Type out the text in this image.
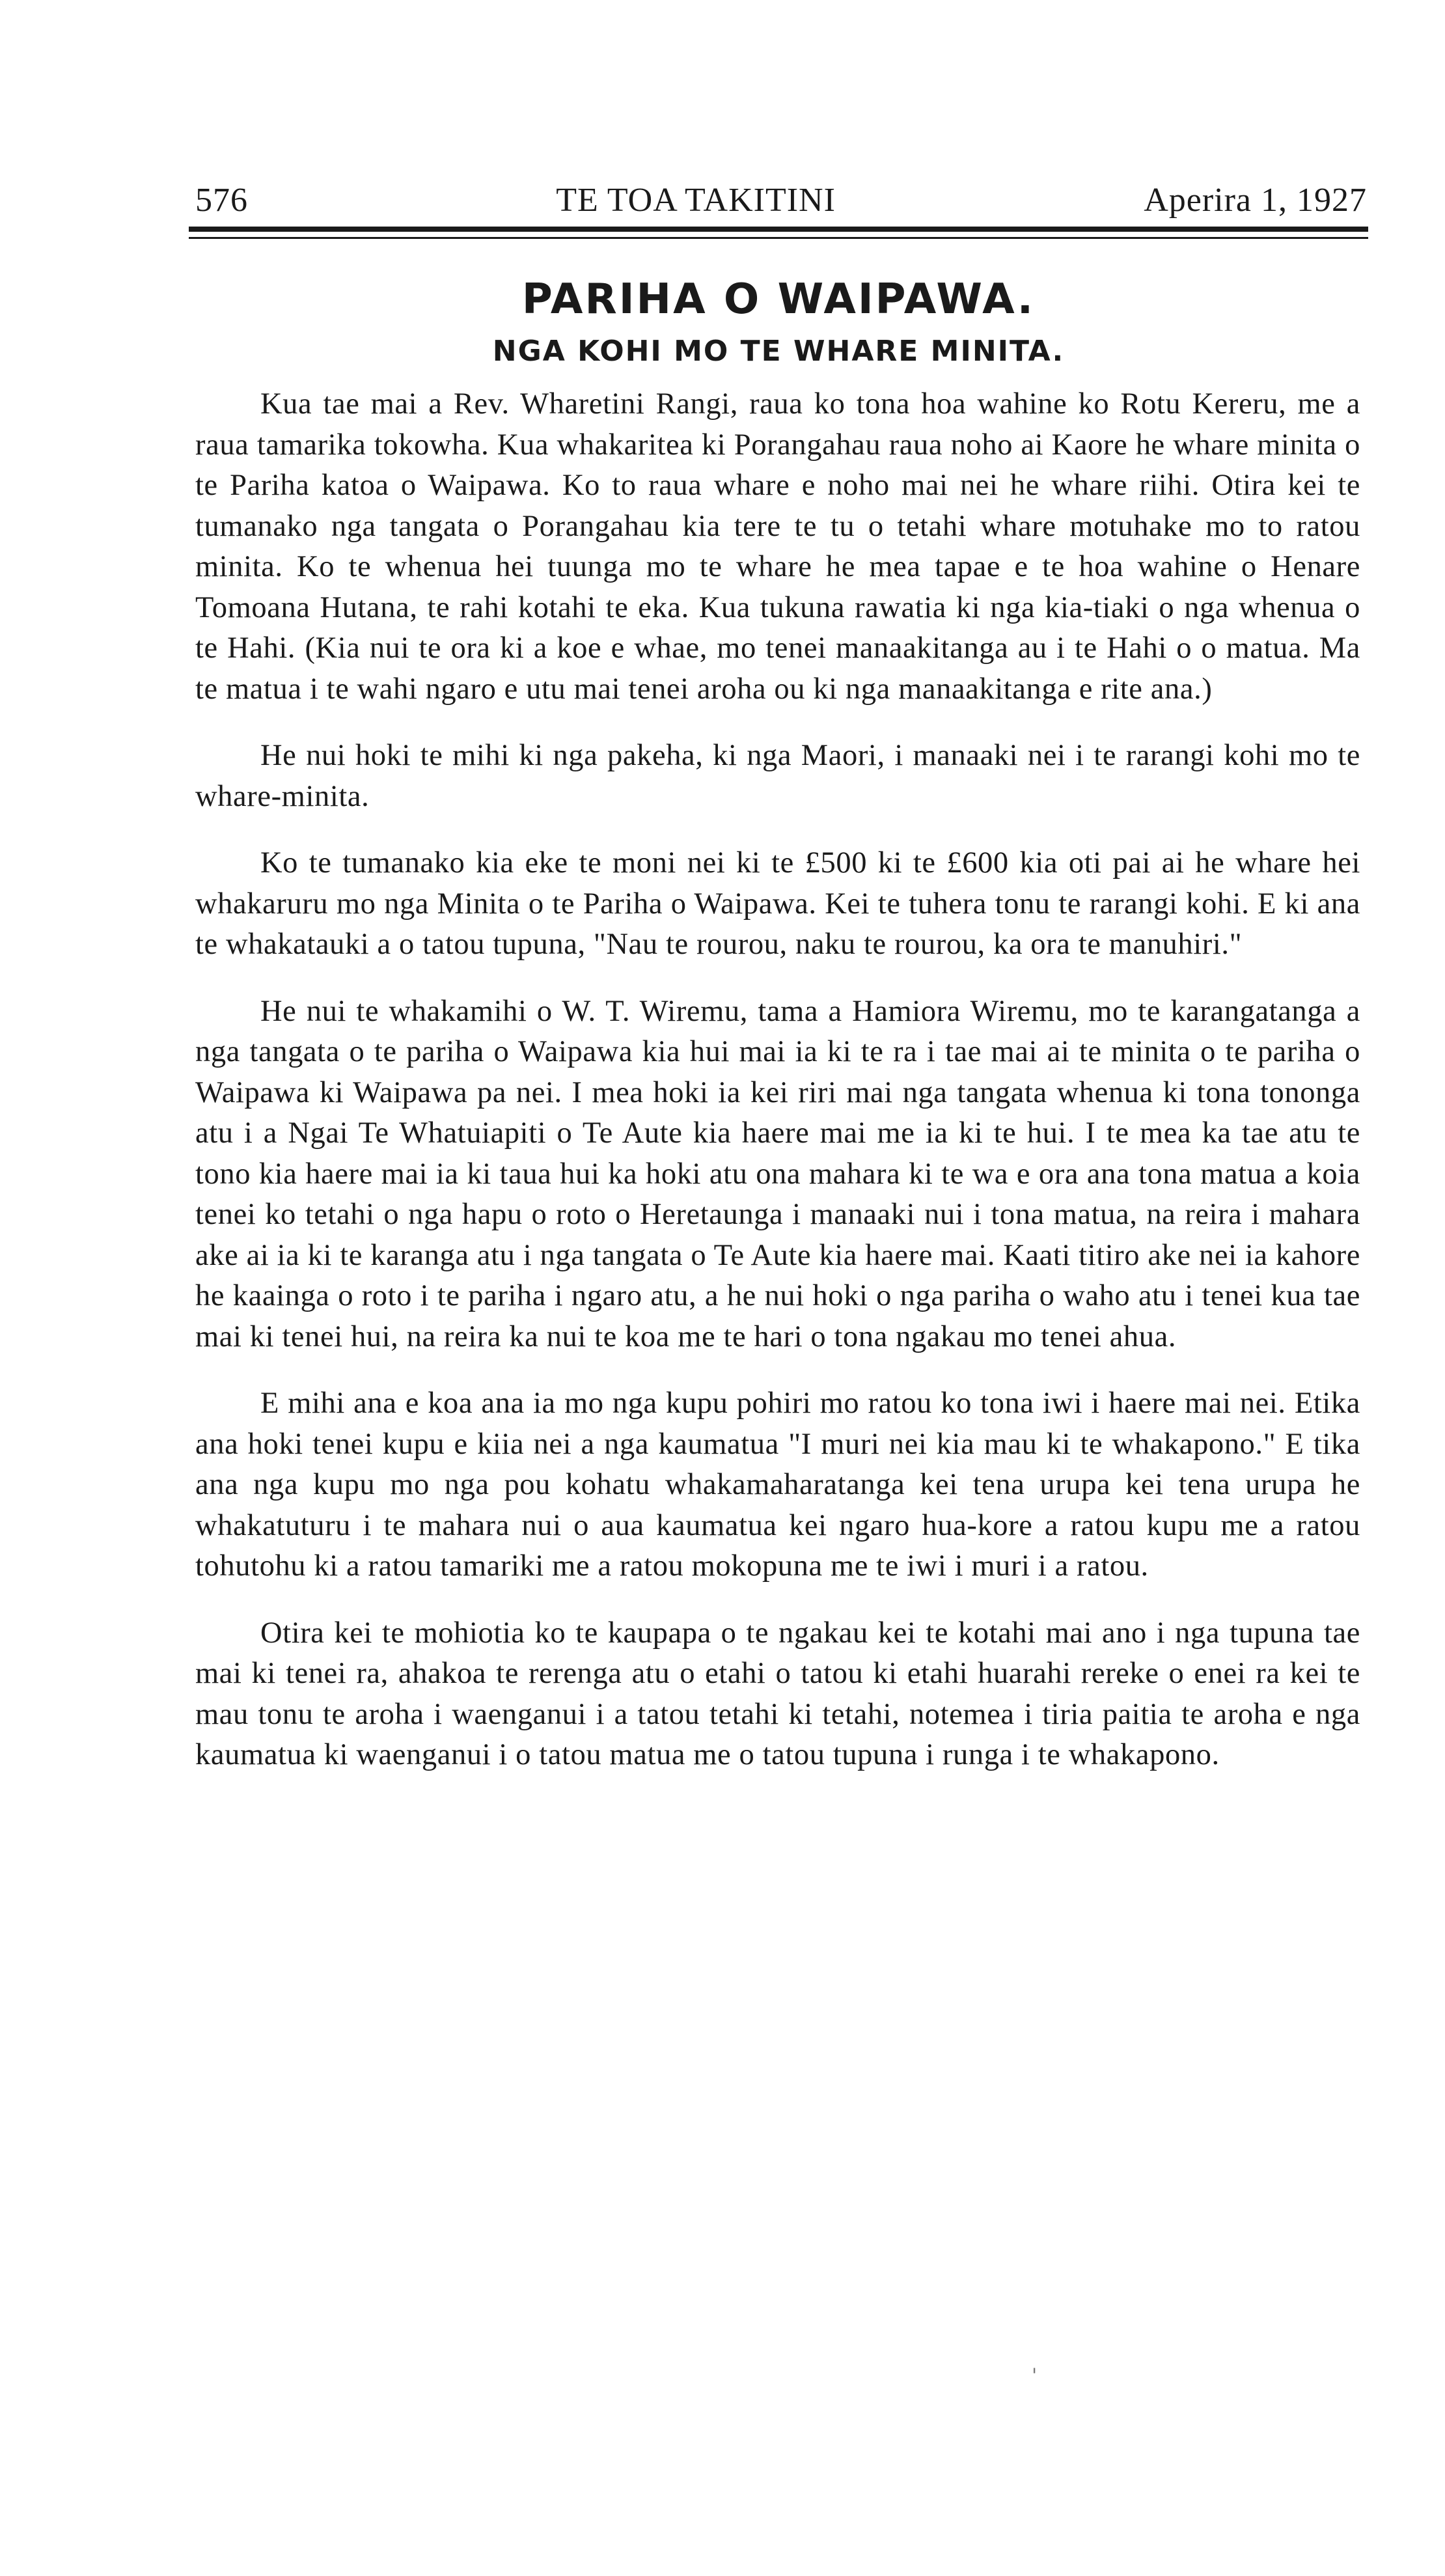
576	TE TOA TAKITINI	Aperira 1, 1927
PARIHA O WAIPAWA.
NGA KOHI MO TE WHARE MINITA.

Kua tae mai a Rev. Wharetini Rangi, raua ko tona hoa wahine ko Rotu Kereru, me a raua tamarika tokowha. Kua whakaritea ki Porangahau raua noho ai Kaore he whare minita o te Pariha katoa o Waipawa. Ko to raua whare e noho mai nei he whare riihi. Otira kei te tumanako nga tangata o Porangahau kia tere te tu o tetahi whare motuhake mo to ratou minita. Ko te whenua hei tuunga mo te whare he mea tapae e te hoa wahine o Henare Tomoana Hutana, te rahi kotahi te eka. Kua tukuna rawatia ki nga kia-tiaki o nga whenua o te Hahi. (Kia nui te ora ki a koe e whae, mo tenei manaakitanga au i te Hahi o o matua. Ma te matua i te wahi ngaro e utu mai tenei aroha ou ki nga manaakitanga e rite ana.)

He nui hoki te mihi ki nga pakeha, ki nga Maori, i manaaki nei i te rarangi kohi mo te whare-minita.

Ko te tumanako kia eke te moni nei ki te £500 ki te £600 kia oti pai ai he whare hei whakaruru mo nga Minita o te Pariha o Waipawa. Kei te tuhera tonu te rarangi kohi. E ki ana te whakatauki a o tatou tupuna, "Nau te rourou, naku te rourou, ka ora te manuhiri."

He nui te whakamihi o W. T. Wiremu, tama a Hamiora Wiremu, mo te karangatanga a nga tangata o te pariha o Waipawa kia hui mai ia ki te ra i tae mai ai te minita o te pariha o Waipawa ki Waipawa pa nei. I mea hoki ia kei riri mai nga tangata whenua ki tona tononga atu i a Ngai Te Whatuiapiti o Te Aute kia haere mai me ia ki te hui. I te mea ka tae atu te tono kia haere mai ia ki taua hui ka hoki atu ona mahara ki te wa e ora ana tona matua a koia tenei ko tetahi o nga hapu o roto o Heretaunga i manaaki nui i tona matua, na reira i mahara ake ai ia ki te karanga atu i nga tangata o Te Aute kia haere mai. Kaati titiro ake nei ia kahore he kaainga o roto i te pariha i ngaro atu, a he nui hoki o nga pariha o waho atu i tenei kua tae mai ki tenei hui, na reira ka nui te koa me te hari o tona ngakau mo tenei ahua.

E mihi ana e koa ana ia mo nga kupu pohiri mo ratou ko tona iwi i haere mai nei. Etika ana hoki tenei kupu e kiia nei a nga kaumatua "I muri nei kia mau ki te whakapono." E tika ana nga kupu mo nga pou kohatu whakamaharatanga kei tena urupa kei tena urupa he whakatuturu i te mahara nui o aua kaumatua kei ngaro hua-kore a ratou kupu me a ratou tohutohu ki a ratou tamariki me a ratou mokopuna me te iwi i muri i a ratou.

Otira kei te mohiotia ko te kaupapa o te ngakau kei te kotahi mai ano i nga tupuna tae mai ki tenei ra, ahakoa te rerenga atu o etahi o tatou ki etahi huarahi rereke o enei ra kei te mau tonu te aroha i waenganui i a tatou tetahi ki tetahi, notemea i tiria paitia te aroha e nga kaumatua ki waenganui i o tatou matua me o tatou tupuna i runga i te whakapono.

'
